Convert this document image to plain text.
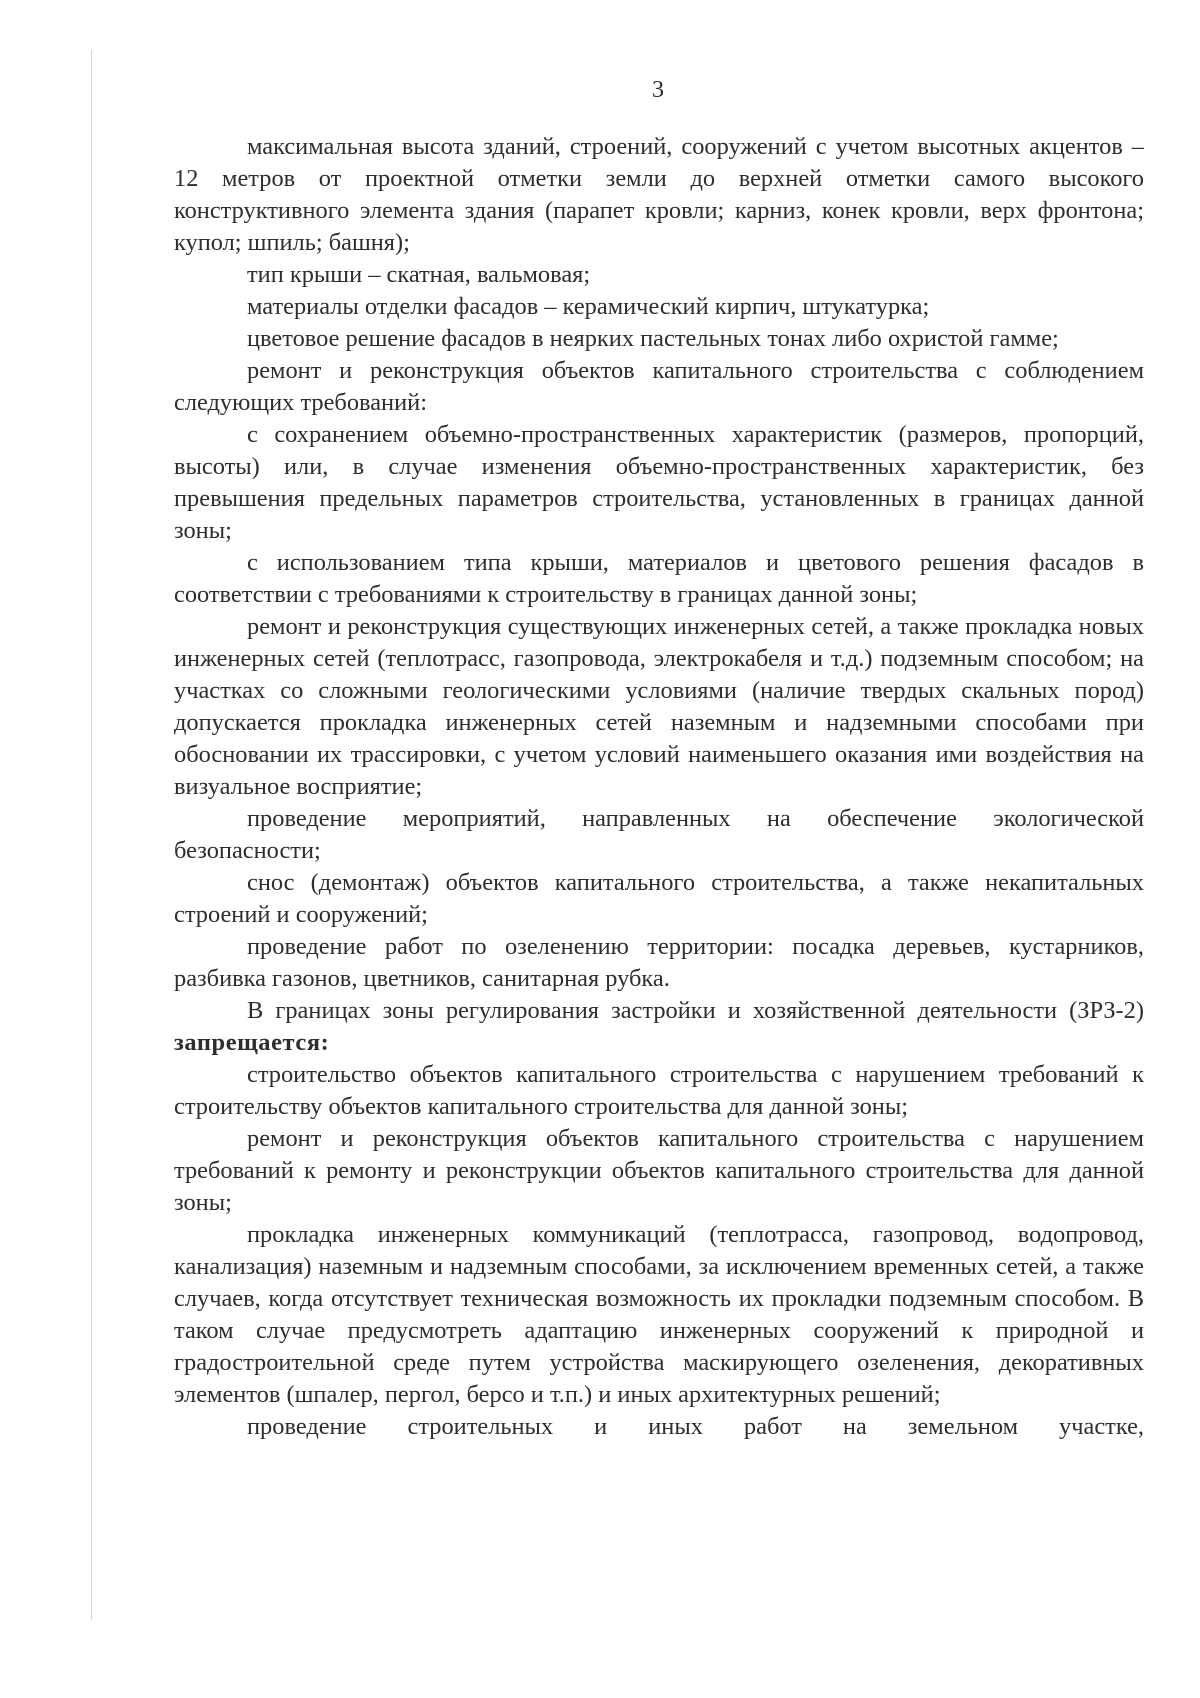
3

максимальная высота зданий, строений, сооружений с учетом высотных акцентов – 12 метров от проектной отметки земли до верхней отметки самого высокого конструктивного элемента здания (парапет кровли; карниз, конек кровли, верх фронтона; купол; шпиль; башня);

тип крыши – скатная, вальмовая;

материалы отделки фасадов – керамический кирпич, штукатурка;

цветовое решение фасадов в неярких пастельных тонах либо охристой гамме;

ремонт и реконструкция объектов капитального строительства с соблюдением следующих требований:

с сохранением объемно-пространственных характеристик (размеров, пропорций, высоты) или, в случае изменения объемно-пространственных характеристик, без превышения предельных параметров строительства, установленных в границах данной зоны;

с использованием типа крыши, материалов и цветового решения фасадов в соответствии с требованиями к строительству в границах данной зоны;

ремонт и реконструкция существующих инженерных сетей, а также прокладка новых инженерных сетей (теплотрасс, газопровода, электрокабеля и т.д.) подземным способом; на участках со сложными геологическими условиями (наличие твердых скальных пород) допускается прокладка инженерных сетей наземным и надземными способами при обосновании их трассировки, с учетом условий наименьшего оказания ими воздействия на визуальное восприятие;

проведение мероприятий, направленных на обеспечение экологической безопасности;

снос (демонтаж) объектов капитального строительства, а также некапитальных строений и сооружений;

проведение работ по озеленению территории: посадка деревьев, кустарников, разбивка газонов, цветников, санитарная рубка.

В границах зоны регулирования застройки и хозяйственной деятельности (ЗРЗ-2) запрещается:

строительство объектов капитального строительства с нарушением требований к строительству объектов капитального строительства для данной зоны;

ремонт и реконструкция объектов капитального строительства с нарушением требований к ремонту и реконструкции объектов капитального строительства для данной зоны;

прокладка инженерных коммуникаций (теплотрасса, газопровод, водопровод, канализация) наземным и надземным способами, за исключением временных сетей, а также случаев, когда отсутствует техническая возможность их прокладки подземным способом. В таком случае предусмотреть адаптацию инженерных сооружений к природной и градостроительной среде путем устройства маскирующего озеленения, декоративных элементов (шпалер, пергол, берсо и т.п.) и иных архитектурных решений;

проведение строительных и иных работ на земельном участке,
